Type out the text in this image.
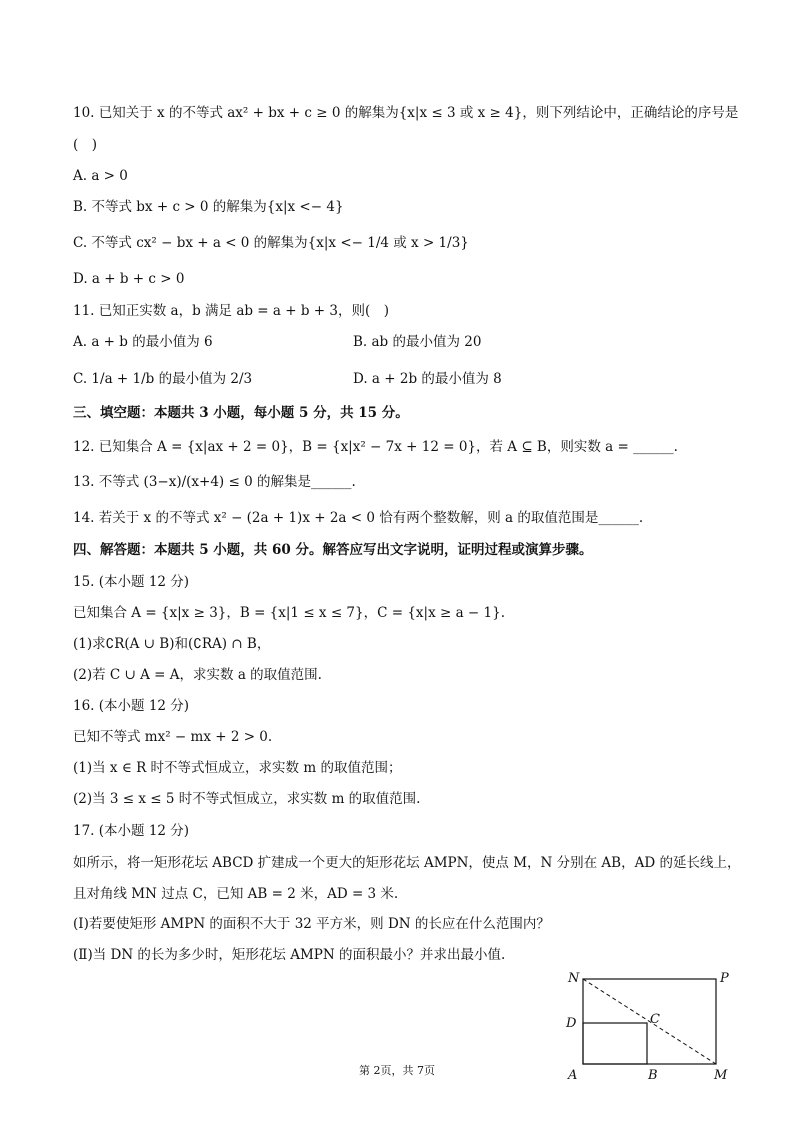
10. 已知关于 x 的不等式 ax² + bx + c ≥ 0 的解集为{x|x ≤ 3 或 x ≥ 4}，则下列结论中，正确结论的序号是
(　)
A. a > 0
B. 不等式 bx + c > 0 的解集为{x|x <− 4}
C. 不等式 cx² − bx + a < 0 的解集为{x|x <− 1/4 或 x > 1/3}
D. a + b + c > 0
11. 已知正实数 a，b 满足 ab = a + b + 3，则(　)
A. a + b 的最小值为 6	B. ab 的最小值为 20
C. 1/a + 1/b 的最小值为 2/3	D. a + 2b 的最小值为 8
三、填空题：本题共 3 小题，每小题 5 分，共 15 分。
12. 已知集合 A = {x|ax + 2 = 0}，B = {x|x² − 7x + 12 = 0}，若 A ⊆ B，则实数 a = ______.
13. 不等式 (3−x)/(x+4) ≤ 0 的解集是______.
14. 若关于 x 的不等式 x² − (2a + 1)x + 2a < 0 恰有两个整数解，则 a 的取值范围是______.
四、解答题：本题共 5 小题，共 60 分。解答应写出文字说明，证明过程或演算步骤。
15. (本小题 12 分)
已知集合 A = {x|x ≥ 3}，B = {x|1 ≤ x ≤ 7}，C = {x|x ≥ a − 1}.
(1)求∁R(A ∪ B)和(∁RA) ∩ B，
(2)若 C ∪ A = A，求实数 a 的取值范围.
16. (本小题 12 分)
已知不等式 mx² − mx + 2 > 0.
(1)当 x ∈ R 时不等式恒成立，求实数 m 的取值范围；
(2)当 3 ≤ x ≤ 5 时不等式恒成立，求实数 m 的取值范围.
17. (本小题 12 分)
如所示，将一矩形花坛 ABCD 扩建成一个更大的矩形花坛 AMPN，使点 M，N 分别在 AB，AD 的延长线上，
且对角线 MN 过点 C，已知 AB = 2 米，AD = 3 米.
(Ⅰ)若要使矩形 AMPN 的面积不大于 32 平方米，则 DN 的长应在什么范围内？
(Ⅱ)当 DN 的长为多少时，矩形花坛 AMPN 的面积最小？并求出最小值.
N	P
D	C
A	B	M
第 2页，共 7页
